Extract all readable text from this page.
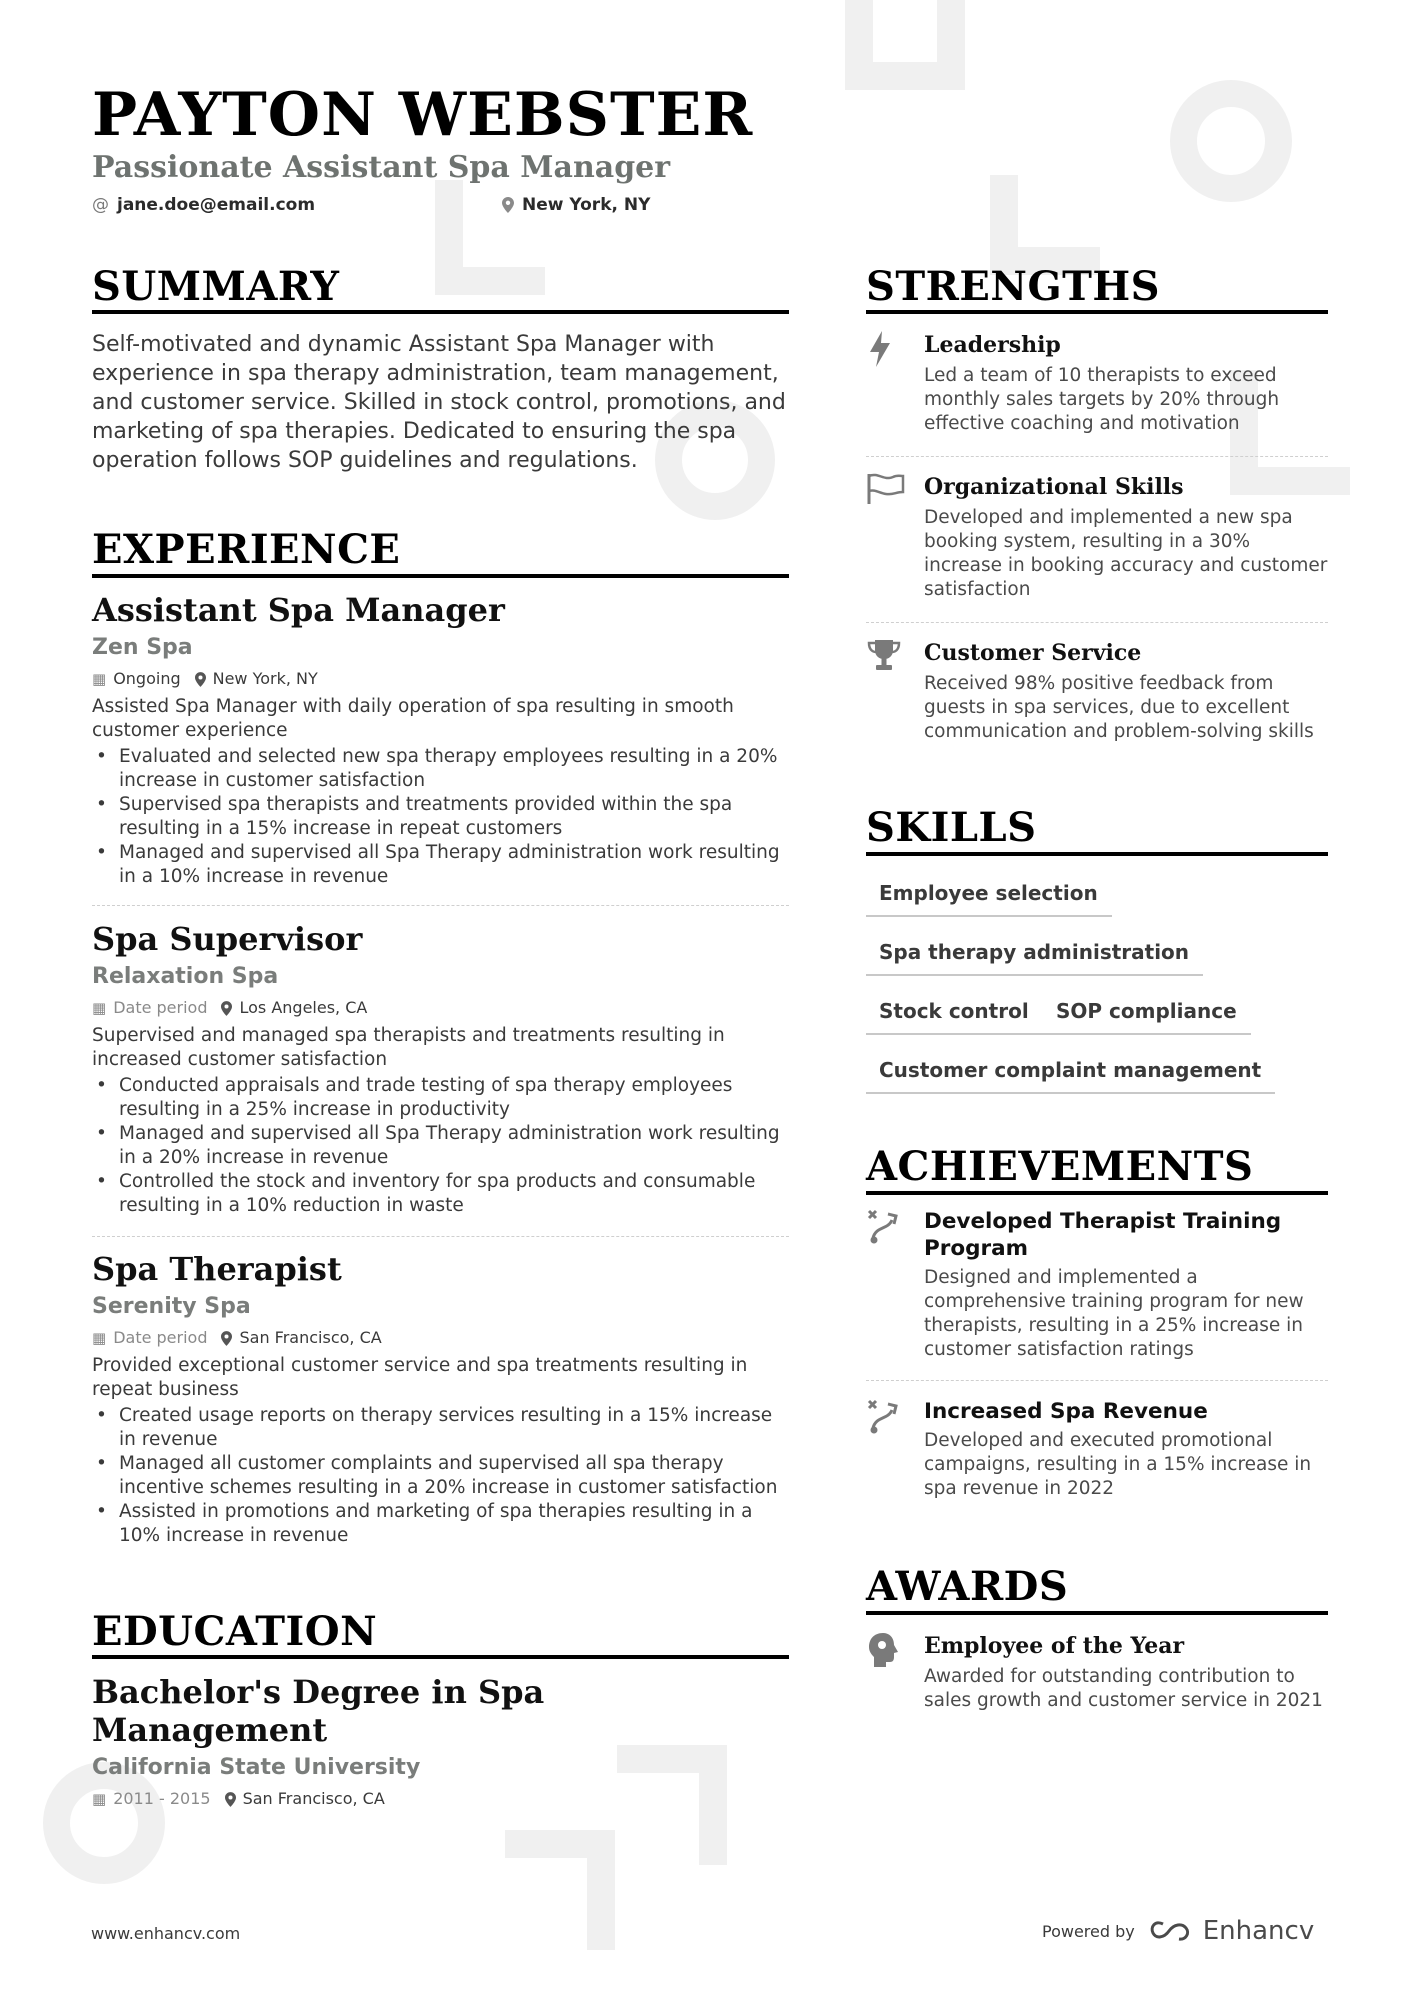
PAYTON WEBSTER
Passionate Assistant Spa Manager
@ jane.doe@email.com	New York, NY
SUMMARY

Self-motivated and dynamic Assistant Spa Manager with experience in spa therapy administration, team management, and customer service. Skilled in stock control, promotions, and marketing of spa therapies. Dedicated to ensuring the spa operation follows SOP guidelines and regulations.

EXPERIENCE
Assistant Spa Manager

Zen Spa

▦ Ongoing New York, NY

Assisted Spa Manager with daily operation of spa resulting in smooth customer experience

• Evaluated and selected new spa therapy employees resulting in a 20% increase in customer satisfaction
• Supervised spa therapists and treatments provided within the spa resulting in a 15% increase in repeat customers
• Managed and supervised all Spa Therapy administration work resulting in a 10% increase in revenue
Spa Supervisor

Relaxation Spa

▦ Date period Los Angeles, CA

Supervised and managed spa therapists and treatments resulting in increased customer satisfaction

• Conducted appraisals and trade testing of spa therapy employees resulting in a 25% increase in productivity
• Managed and supervised all Spa Therapy administration work resulting in a 20% increase in revenue
• Controlled the stock and inventory for spa products and consumable resulting in a 10% reduction in waste
Spa Therapist

Serenity Spa

▦ Date period San Francisco, CA

Provided exceptional customer service and spa treatments resulting in repeat business

• Created usage reports on therapy services resulting in a 15% increase in revenue
• Managed all customer complaints and supervised all spa therapy incentive schemes resulting in a 20% increase in customer satisfaction
• Assisted in promotions and marketing of spa therapies resulting in a 10% increase in revenue
EDUCATION
Bachelor's Degree in Spa Management

California State University

▦ 2011 - 2015 San Francisco, CA
STRENGTHS

Leadership

Led a team of 10 therapists to exceed monthly sales targets by 20% through effective coaching and motivation

Organizational Skills

Developed and implemented a new spa booking system, resulting in a 30% increase in booking accuracy and customer satisfaction

Customer Service

Received 98% positive feedback from guests in spa services, due to excellent communication and problem-solving skills

SKILLS
Employee selection
Spa therapy administration
Stock control	SOP compliance
Customer complaint management
ACHIEVEMENTS

Developed Therapist Training Program

Designed and implemented a comprehensive training program for new therapists, resulting in a 25% increase in customer satisfaction ratings

Increased Spa Revenue

Developed and executed promotional campaigns, resulting in a 15% increase in spa revenue in 2022

AWARDS

Employee of the Year

Awarded for outstanding contribution to sales growth and customer service in 2021

www.enhancv.com	Powered by	Enhancv
